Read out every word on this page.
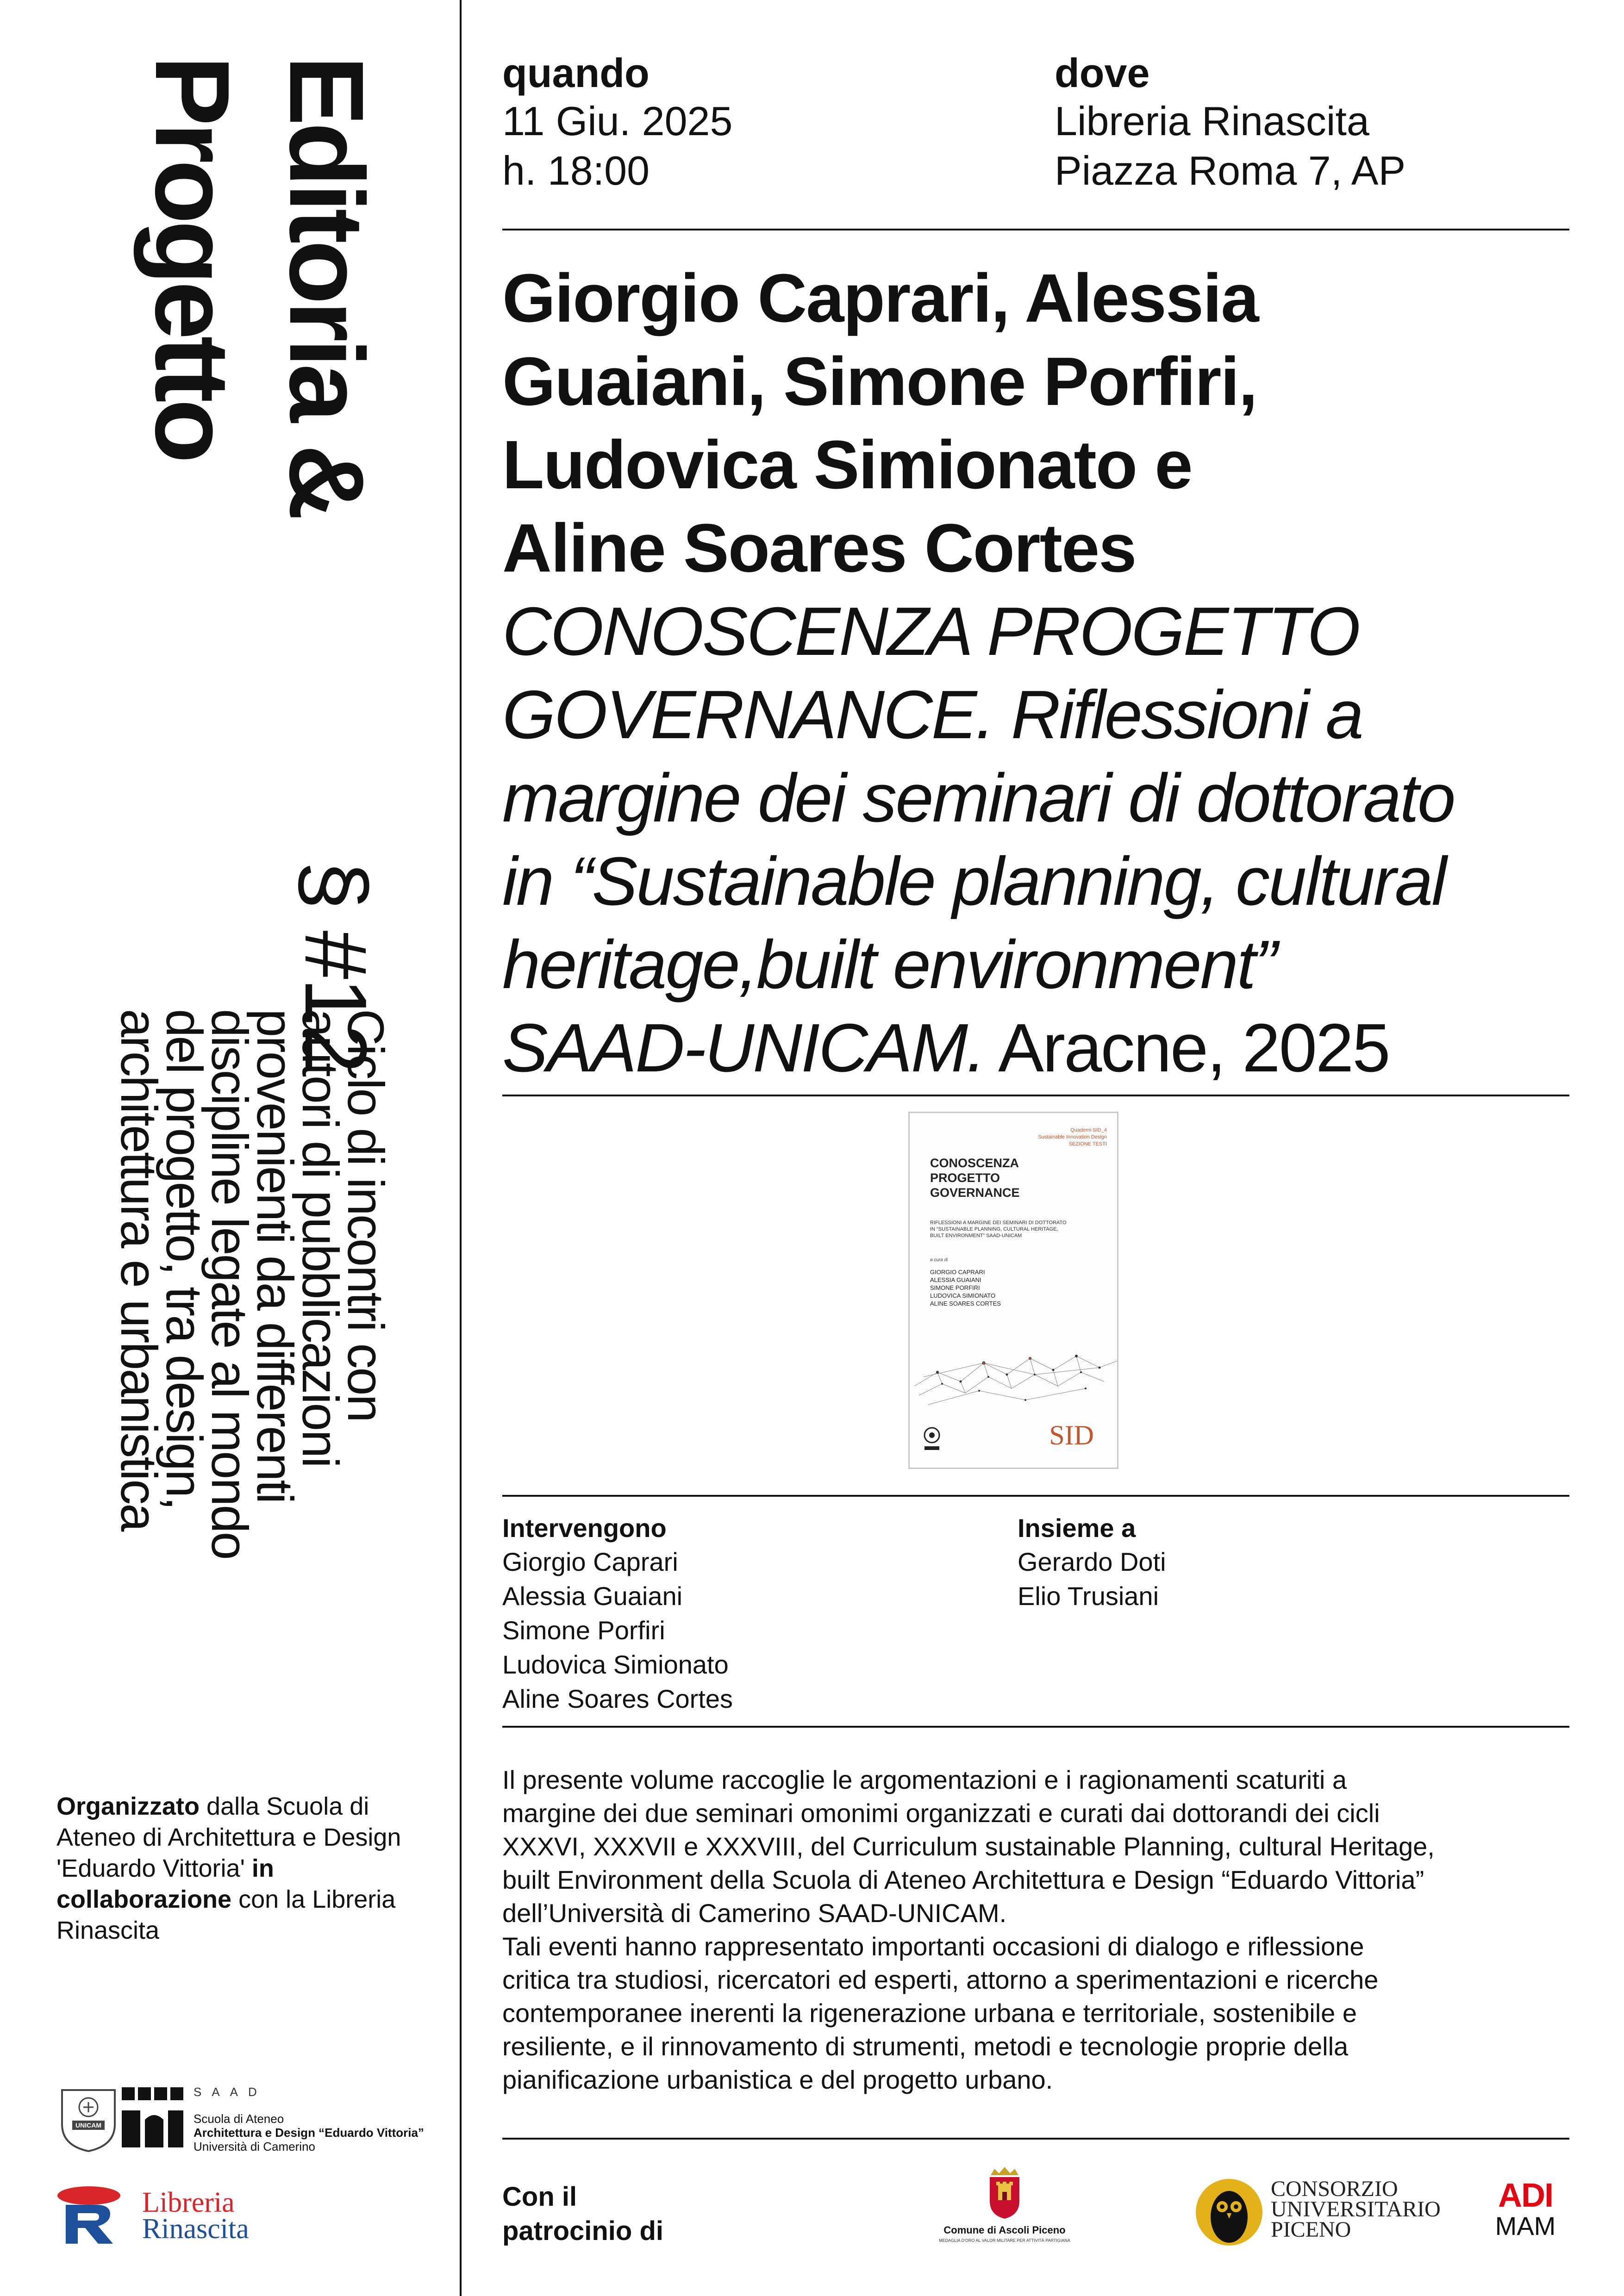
Editoria &
Progetto
§ #12
Ciclo di incontri con
autori di pubblicazioni
provenienti da differenti
discipline legate al mondo
del progetto, tra design,
architettura e urbanistica
Organizzato dalla Scuola di Ateneo di Architettura e Design 'Eduardo Vittoria' in collaborazione con la Libreria Rinascita
UNICAM
SAAD
Scuola di Ateneo
Architettura e Design “Eduardo Vittoria”
Università di Camerino
Libreria
Rinascita
quando
11 Giu. 2025
h. 18:00
dove
Libreria Rinascita
Piazza Roma 7, AP
Giorgio Caprari, Alessia
Guaiani, Simone Porfiri,
Ludovica Simionato e
Aline Soares Cortes
CONOSCENZA PROGETTO
GOVERNANCE. Riflessioni a
margine dei seminari di dottorato
in “Sustainable planning, cultural
heritage,built environment”
SAAD-UNICAM. Aracne, 2025
Quaderni SID_4
Sustainable Innovation Design
SEZIONE TESTI
CONOSCENZA
PROGETTO
GOVERNANCE
RIFLESSIONI A MARGINE DEI SEMINARI DI DOTTORATO
IN “SUSTAINABLE PLANNING, CULTURAL HERITAGE,
BUILT ENVIRONMENT” SAAD-UNICAM
a cura di
GIORGIO CAPRARI
ALESSIA GUAIANI
SIMONE PORFIRI
LUDOVICA SIMIONATO
ALINE SOARES CORTES
SID
Intervengono
Giorgio Caprari
Alessia Guaiani
Simone Porfiri
Ludovica Simionato
Aline Soares Cortes
Insieme a
Gerardo Doti
Elio Trusiani
Il presente volume raccoglie le argomentazioni e i ragionamenti scaturiti a
margine dei due seminari omonimi organizzati e curati dai dottorandi dei cicli
XXXVI, XXXVII e XXXVIII, del Curriculum sustainable Planning, cultural Heritage,
built Environment della Scuola di Ateneo Architettura e Design “Eduardo Vittoria”
dell’Università di Camerino SAAD-UNICAM.
Tali eventi hanno rappresentato importanti occasioni di dialogo e riflessione
critica tra studiosi, ricercatori ed esperti, attorno a sperimentazioni e ricerche
contemporanee inerenti la rigenerazione urbana e territoriale, sostenibile e
resiliente, e il rinnovamento di strumenti, metodi e tecnologie proprie della
pianificazione urbanistica e del progetto urbano.
Con il
patrocinio di	Comune di Ascoli Piceno
MEDAGLIA D'ORO AL VALOR MILITARE PER ATTIVITÀ PARTIGIANA
CONSORZIO
UNIVERSITARIO
PICENO
ADI
MAM
